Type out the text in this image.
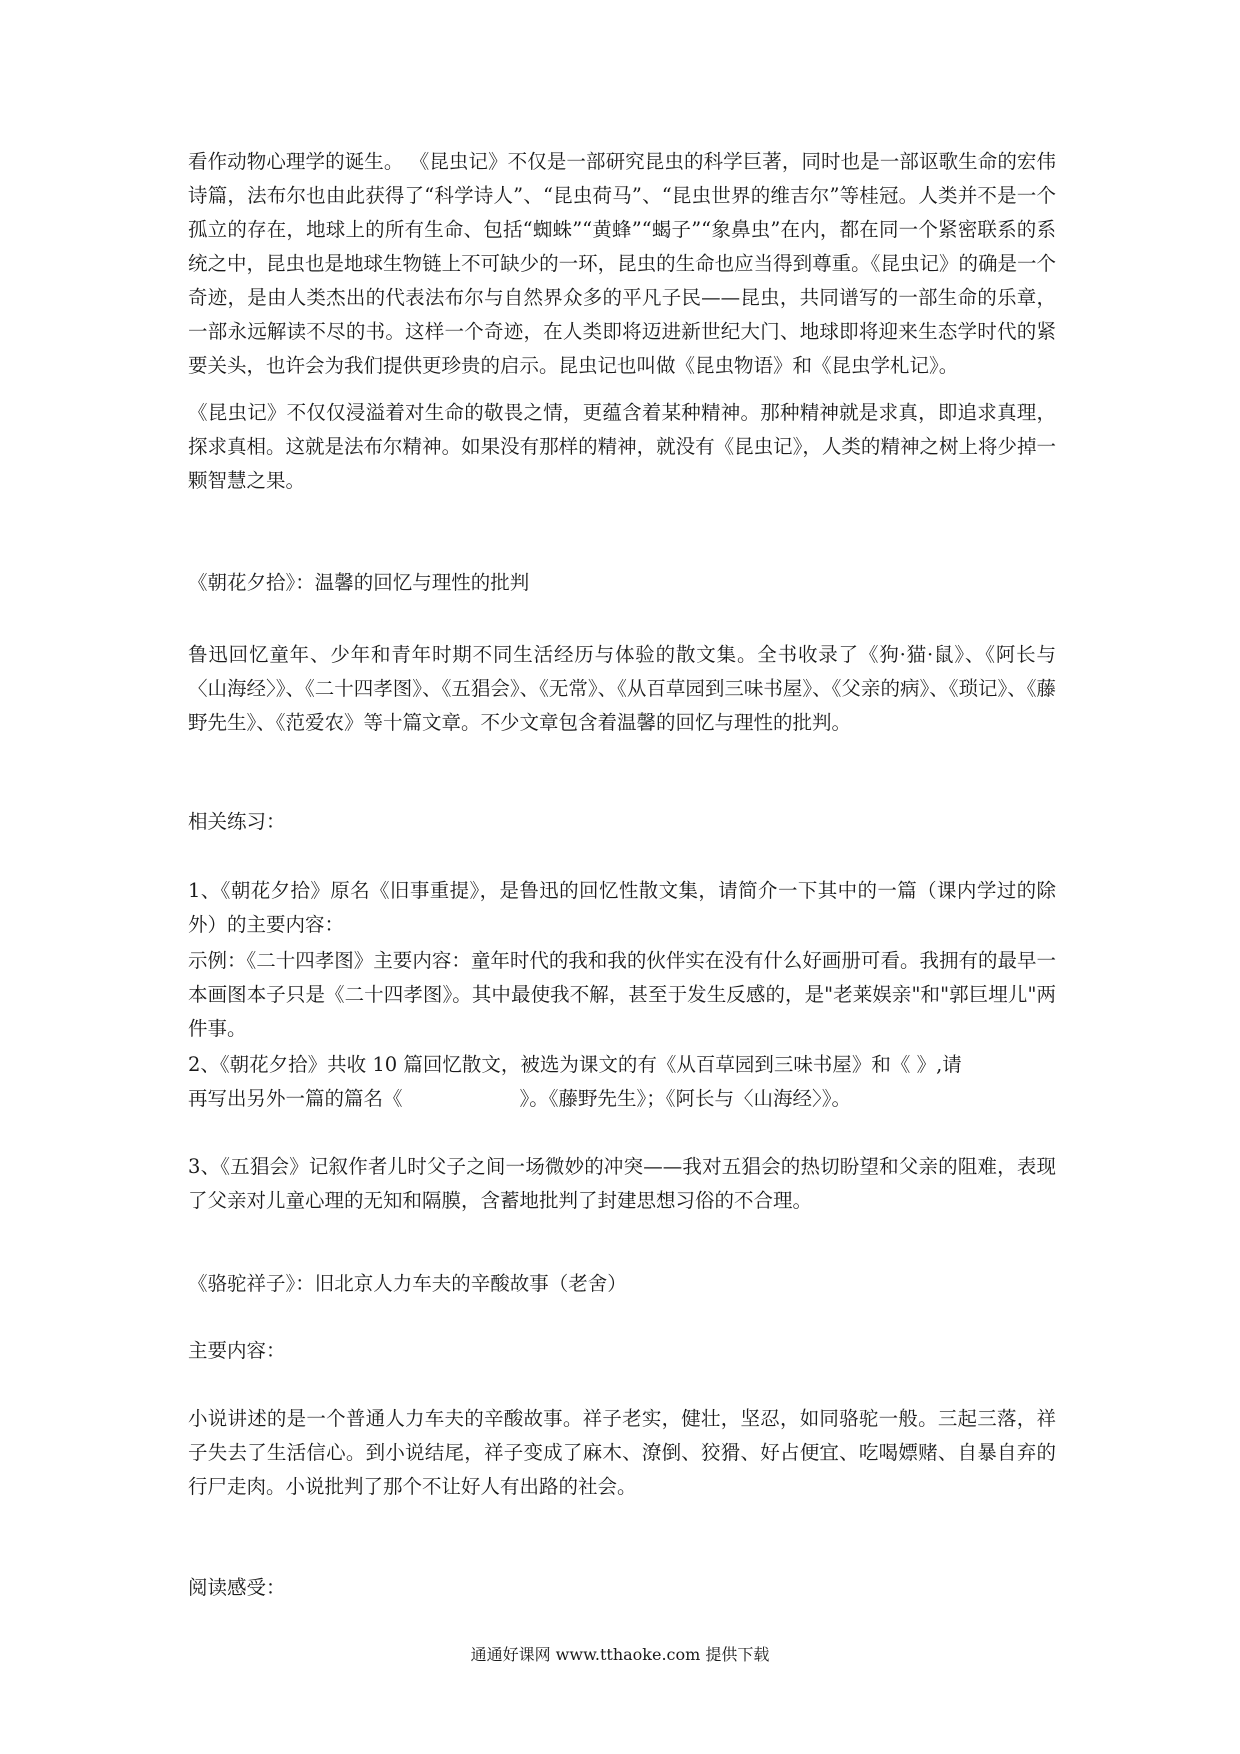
看作动物心理学的诞生。 《昆虫记》不仅是一部研究昆虫的科学巨著，同时也是一部讴歌生命的宏伟诗篇，法布尔也由此获得了“科学诗人”、“昆虫荷马”、“昆虫世界的维吉尔”等桂冠。人类并不是一个孤立的存在，地球上的所有生命、包括“蜘蛛”“黄蜂”“蝎子”“象鼻虫”在内，都在同一个紧密联系的系统之中，昆虫也是地球生物链上不可缺少的一环，昆虫的生命也应当得到尊重。《昆虫记》的确是一个奇迹，是由人类杰出的代表法布尔与自然界众多的平凡子民——昆虫，共同谱写的一部生命的乐章，一部永远解读不尽的书。这样一个奇迹，在人类即将迈进新世纪大门、地球即将迎来生态学时代的紧要关头，也许会为我们提供更珍贵的启示。昆虫记也叫做《昆虫物语》和《昆虫学札记》。

《昆虫记》不仅仅浸溢着对生命的敬畏之情，更蕴含着某种精神。那种精神就是求真，即追求真理，探求真相。这就是法布尔精神。如果没有那样的精神，就没有《昆虫记》，人类的精神之树上将少掉一颗智慧之果。

《朝花夕拾》：温馨的回忆与理性的批判

鲁迅回忆童年、少年和青年时期不同生活经历与体验的散文集。全书收录了《狗·猫·鼠》、《阿长与〈山海经〉》、《二十四孝图》、《五猖会》、《无常》、《从百草园到三味书屋》、《父亲的病》、《琐记》、《藤野先生》、《范爱农》等十篇文章。不少文章包含着温馨的回忆与理性的批判。

相关练习：

1、《朝花夕拾》原名《旧事重提》，是鲁迅的回忆性散文集，请简介一下其中的一篇（课内学过的除外）的主要内容：

示例：《二十四孝图》主要内容：童年时代的我和我的伙伴实在没有什么好画册可看。我拥有的最早一本画图本子只是《二十四孝图》。其中最使我不解，甚至于发生反感的，是"老莱娱亲"和"郭巨埋儿"两件事。

2、《朝花夕拾》共收 10 篇回忆散文，被选为课文的有《从百草园到三味书屋》和《 》,请

再写出另外一篇的篇名《　　　　　　》。《藤野先生》；《阿长与〈山海经〉》。

3、《五猖会》记叙作者儿时父子之间一场微妙的冲突——我对五猖会的热切盼望和父亲的阻难，表现了父亲对儿童心理的无知和隔膜，含蓄地批判了封建思想习俗的不合理。

《骆驼祥子》：旧北京人力车夫的辛酸故事（老舍）

主要内容：

小说讲述的是一个普通人力车夫的辛酸故事。祥子老实，健壮，坚忍，如同骆驼一般。三起三落，祥子失去了生活信心。到小说结尾，祥子变成了麻木、潦倒、狡猾、好占便宜、吃喝嫖赌、自暴自弃的行尸走肉。小说批判了那个不让好人有出路的社会。

阅读感受：

通通好课网 www.tthaoke.com 提供下载
